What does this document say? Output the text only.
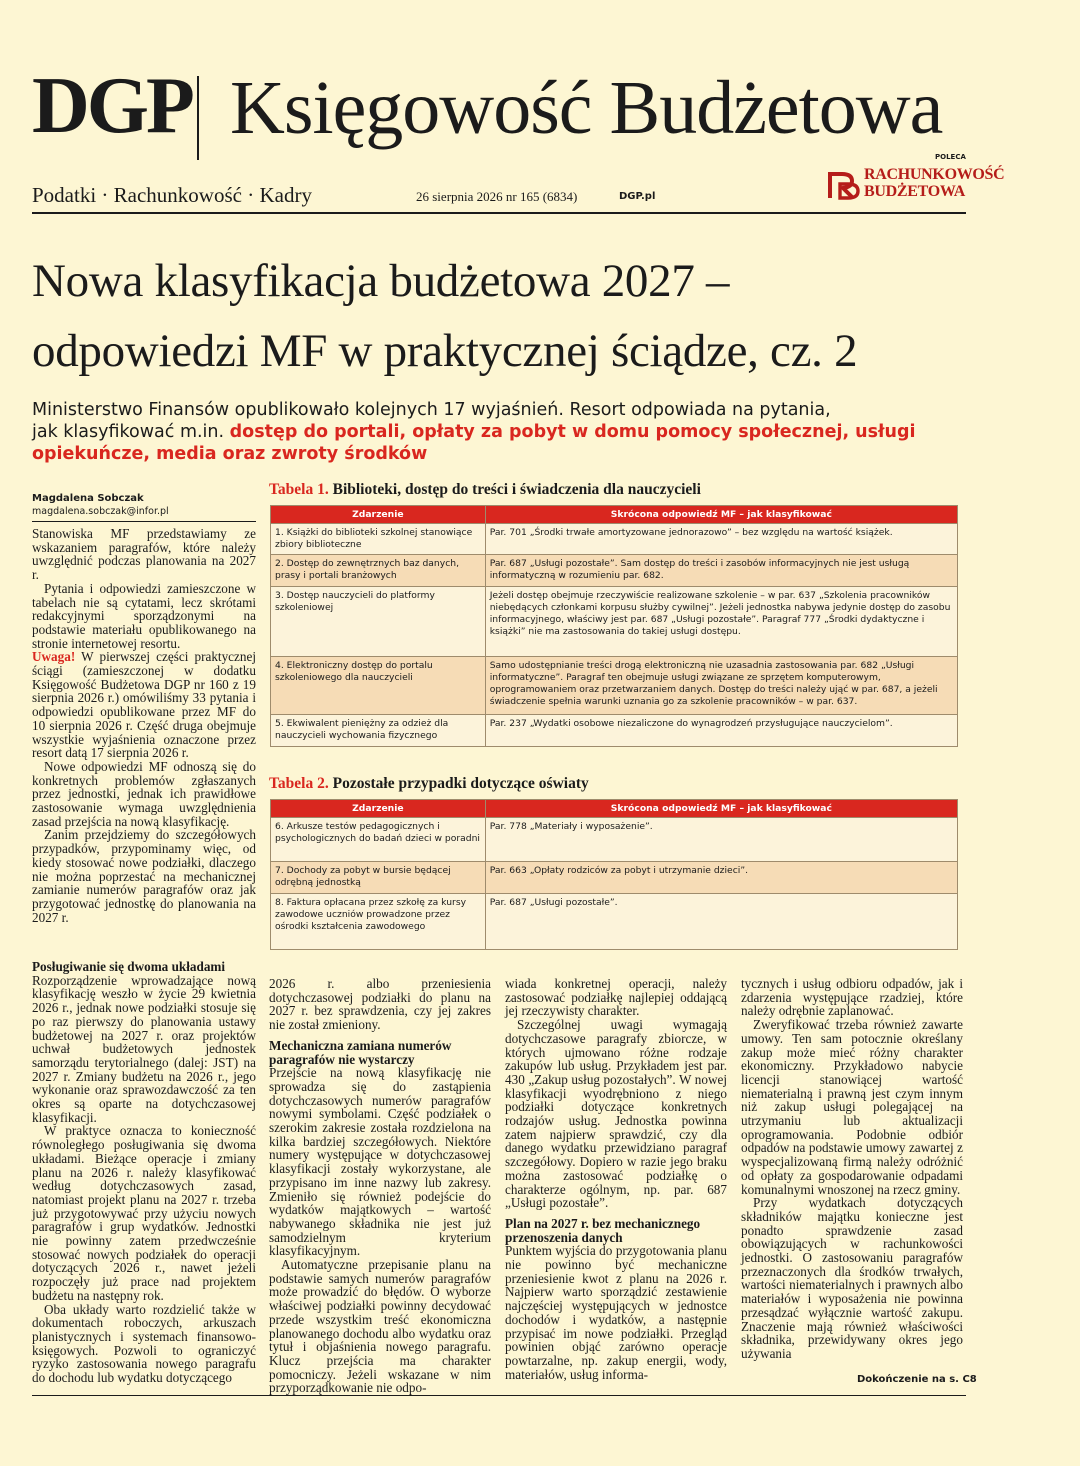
DGP Księgowość Budżetowa
Podatki · Rachunkowość · Kadry	26 sierpnia 2026 nr 165 (6834)	DGP.pl
POLECA
RACHUNKOWOŚĆ
BUDŻETOWA
Nowa klasyfikacja budżetowa 2027 –
odpowiedzi MF w praktycznej ściądze, cz. 2
Ministerstwo Finansów opublikowało kolejnych 17 wyjaśnień. Resort odpowiada na pytania,
jak klasyfikować m.in. dostęp do portali, opłaty za pobyt w domu pomocy społecznej, usługi opiekuńcze, media oraz zwroty środków
Magdalena Sobczak
magdalena.sobczak@infor.pl

Stanowiska MF przedstawiamy ze wskazaniem paragrafów, które należy uwzględnić podczas planowania na 2027 r.

Pytania i odpowiedzi zamieszczone w tabelach nie są cytatami, lecz skrótami redakcyjnymi sporządzonymi na podstawie materiału opublikowanego na stronie internetowej resortu.

Uwaga! W pierwszej części praktycznej ściągi (zamieszczonej w dodatku Księgowość Budżetowa DGP nr 160 z 19 sierpnia 2026 r.) omówiliśmy 33 pytania i odpowiedzi opublikowane przez MF do 10 sierpnia 2026 r. Część druga obejmuje wszystkie wyjaśnienia oznaczone przez resort datą 17 sierpnia 2026 r.

Nowe odpowiedzi MF odnoszą się do konkretnych problemów zgłaszanych przez jednostki, jednak ich prawidłowe zastosowanie wymaga uwzględnienia zasad przejścia na nową klasyfikację.

Zanim przejdziemy do szczegółowych przypadków, przypominamy więc, od kiedy stosować nowe podziałki, dlaczego nie można poprzestać na mechanicznej zamianie numerów paragrafów oraz jak przygotować jednostkę do planowania na 2027 r.

Tabela 1. Biblioteki, dostęp do treści i świadczenia dla nauczycieli
Zdarzenie	Skrócona odpowiedź MF – jak klasyfikować
1. Książki do biblioteki szkolnej stanowiące zbiory biblioteczne	Par. 701 „Środki trwałe amortyzowane jednorazowo” – bez względu na wartość książek.
2. Dostęp do zewnętrznych baz danych, prasy i portali branżowych	Par. 687 „Usługi pozostałe”. Sam dostęp do treści i zasobów informacyjnych nie jest usługą informatyczną w rozumieniu par. 682.
3. Dostęp nauczycieli do platformy szkoleniowej	Jeżeli dostęp obejmuje rzeczywiście realizowane szkolenie – w par. 637 „Szkolenia pracowników niebędących członkami korpusu służby cywilnej”. Jeżeli jednostka nabywa jedynie dostęp do zasobu informacyjnego, właściwy jest par. 687 „Usługi pozostałe”. Paragraf 777 „Środki dydaktyczne i książki” nie ma zastosowania do takiej usługi dostępu.
4. Elektroniczny dostęp do portalu szkoleniowego dla nauczycieli	Samo udostępnianie treści drogą elektroniczną nie uzasadnia zastosowania par. 682 „Usługi informatyczne”. Paragraf ten obejmuje usługi związane ze sprzętem komputerowym, oprogramowaniem oraz przetwarzaniem danych. Dostęp do treści należy ująć w par. 687, a jeżeli świadczenie spełnia warunki uznania go za szkolenie pracowników – w par. 637.
5. Ekwiwalent pieniężny za odzież dla nauczycieli wychowania fizycznego	Par. 237 „Wydatki osobowe niezaliczone do wynagrodzeń przysługujące nauczycielom”.
Tabela 2. Pozostałe przypadki dotyczące oświaty
Zdarzenie	Skrócona odpowiedź MF – jak klasyfikować
6. Arkusze testów pedagogicznych i psychologicznych do badań dzieci w poradni	Par. 778 „Materiały i wyposażenie”.
7. Dochody za pobyt w bursie będącej odrębną jednostką	Par. 663 „Opłaty rodziców za pobyt i utrzymanie dzieci”.
8. Faktura opłacana przez szkołę za kursy zawodowe uczniów prowadzone przez ośrodki kształcenia zawodowego	Par. 687 „Usługi pozostałe”.
Posługiwanie się dwoma układami

Rozporządzenie wprowadzające nową klasyfikację weszło w życie 29 kwietnia 2026 r., jednak nowe podziałki stosuje się po raz pierwszy do planowania ustawy budżetowej na 2027 r. oraz projektów uchwał budżetowych jednostek samorządu terytorialnego (dalej: JST) na 2027 r. Zmiany budżetu na 2026 r., jego wykonanie oraz sprawozdawczość za ten okres są oparte na dotychczasowej klasyfikacji.

W praktyce oznacza to konieczność równoległego posługiwania się dwoma układami. Bieżące operacje i zmiany planu na 2026 r. należy klasyfikować według dotychczasowych zasad, natomiast projekt planu na 2027 r. trzeba już przygotowywać przy użyciu nowych paragrafów i grup wydatków. Jednostki nie powinny zatem przedwcześnie stosować nowych podziałek do operacji dotyczących 2026 r., nawet jeżeli rozpoczęły już prace nad projektem budżetu na następny rok.

Oba układy warto rozdzielić także w dokumentach roboczych, arkuszach planistycznych i systemach finansowo-księgowych. Pozwoli to ograniczyć ryzyko zastosowania nowego paragrafu do dochodu lub wydatku dotyczącego

2026 r. albo przeniesienia dotychczasowej podziałki do planu na 2027 r. bez sprawdzenia, czy jej zakres nie został zmieniony.

Mechaniczna zamiana numerów paragrafów nie wystarczy

Przejście na nową klasyfikację nie sprowadza się do zastąpienia dotychczasowych numerów paragrafów nowymi symbolami. Część podziałek o szerokim zakresie została rozdzielona na kilka bardziej szczegółowych. Niektóre numery występujące w dotychczasowej klasyfikacji zostały wykorzystane, ale przypisano im inne nazwy lub zakresy. Zmieniło się również podejście do wydatków majątkowych – wartość nabywanego składnika nie jest już samodzielnym kryterium klasyfikacyjnym.

Automatyczne przepisanie planu na podstawie samych numerów paragrafów może prowadzić do błędów. O wyborze właściwej podziałki powinny decydować przede wszystkim treść ekonomiczna planowanego dochodu albo wydatku oraz tytuł i objaśnienia nowego paragrafu. Klucz przejścia ma charakter pomocniczy. Jeżeli wskazane w nim przyporządkowanie nie odpo-

wiada konkretnej operacji, należy zastosować podziałkę najlepiej oddającą jej rzeczywisty charakter.

Szczególnej uwagi wymagają dotychczasowe paragrafy zbiorcze, w których ujmowano różne rodzaje zakupów lub usług. Przykładem jest par. 430 „Zakup usług pozostałych”. W nowej klasyfikacji wyodrębniono z niego podziałki dotyczące konkretnych rodzajów usług. Jednostka powinna zatem najpierw sprawdzić, czy dla danego wydatku przewidziano paragraf szczegółowy. Dopiero w razie jego braku można zastosować podziałkę o charakterze ogólnym, np. par. 687 „Usługi pozostałe”.

Plan na 2027 r. bez mechanicznego przenoszenia danych

Punktem wyjścia do przygotowania planu nie powinno być mechaniczne przeniesienie kwot z planu na 2026 r. Najpierw warto sporządzić zestawienie najczęściej występujących w jednostce dochodów i wydatków, a następnie przypisać im nowe podziałki. Przegląd powinien objąć zarówno operacje powtarzalne, np. zakup energii, wody, materiałów, usług informa-

tycznych i usług odbioru odpadów, jak i zdarzenia występujące rzadziej, które należy odrębnie zaplanować.

Zweryfikować trzeba również zawarte umowy. Ten sam potocznie określany zakup może mieć różny charakter ekonomiczny. Przykładowo nabycie licencji stanowiącej wartość niematerialną i prawną jest czym innym niż zakup usługi polegającej na utrzymaniu lub aktualizacji oprogramowania. Podobnie odbiór odpadów na podstawie umowy zawartej z wyspecjalizowaną firmą należy odróżnić od opłaty za gospodarowanie odpadami komunalnymi wnoszonej na rzecz gminy.

Przy wydatkach dotyczących składników majątku konieczne jest ponadto sprawdzenie zasad obowiązujących w rachunkowości jednostki. O zastosowaniu paragrafów przeznaczonych dla środków trwałych, wartości niematerialnych i prawnych albo materiałów i wyposażenia nie powinna przesądzać wyłącznie wartość zakupu. Znaczenie mają również właściwości składnika, przewidywany okres jego używania

Dokończenie na s. C8
